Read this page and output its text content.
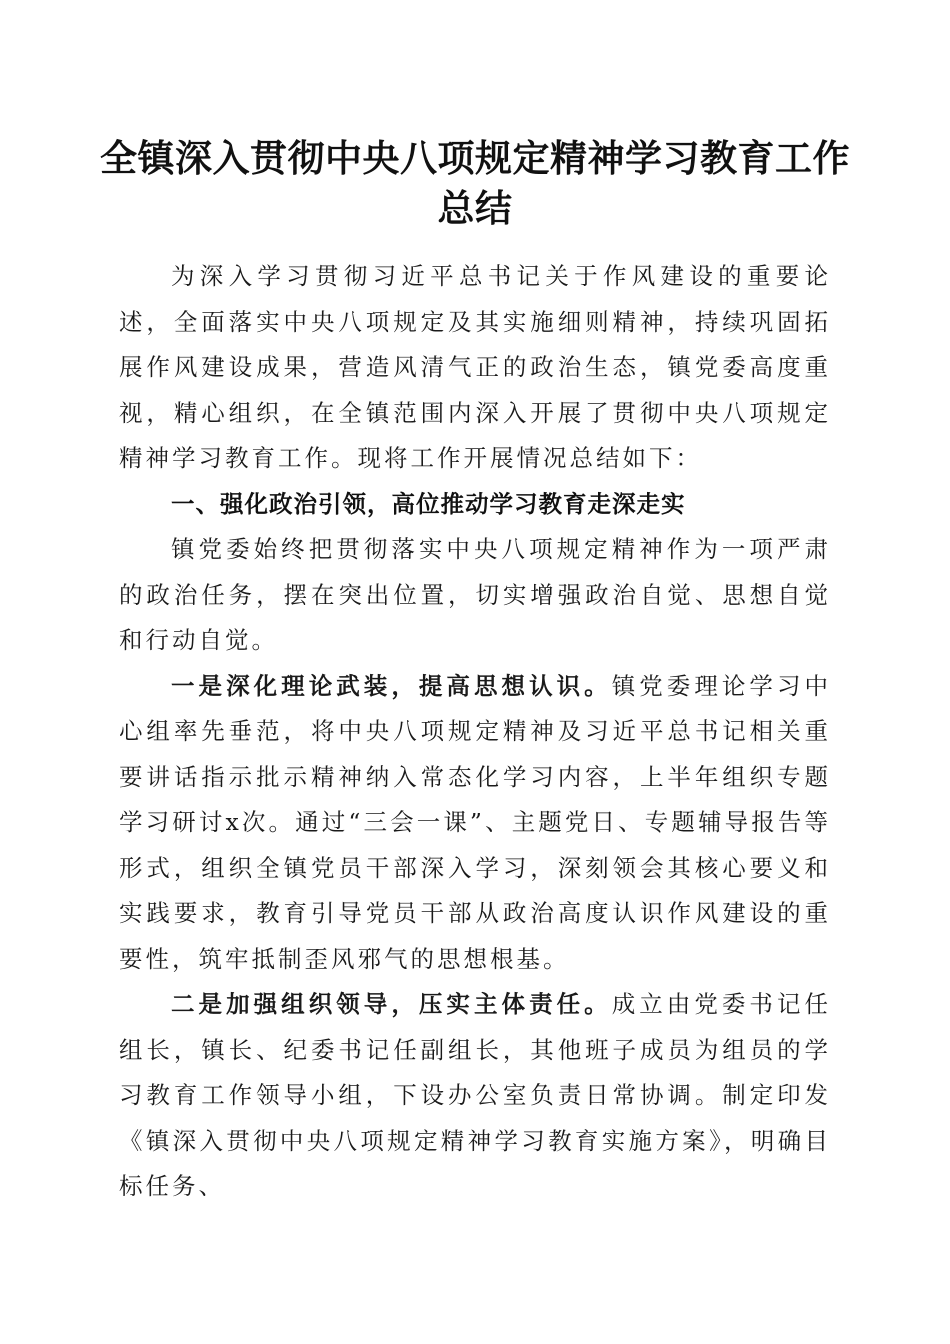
全镇深入贯彻中央八项规定精神学习教育工作总结

为深入学习贯彻习近平总书记关于作风建设的重要论述，全面落实中央八项规定及其实施细则精神，持续巩固拓展作风建设成果，营造风清气正的政治生态，镇党委高度重视，精心组织，在全镇范围内深入开展了贯彻中央八项规定精神学习教育工作。现将工作开展情况总结如下：

一、强化政治引领，高位推动学习教育走深走实

镇党委始终把贯彻落实中央八项规定精神作为一项严肃的政治任务，摆在突出位置，切实增强政治自觉、思想自觉和行动自觉。

一是深化理论武装，提高思想认识。镇党委理论学习中心组率先垂范，将中央八项规定精神及习近平总书记相关重要讲话指示批示精神纳入常态化学习内容，上半年组织专题学习研讨x次。通过“三会一课”、主题党日、专题辅导报告等形式，组织全镇党员干部深入学习，深刻领会其核心要义和实践要求，教育引导党员干部从政治高度认识作风建设的重要性，筑牢抵制歪风邪气的思想根基。

二是加强组织领导，压实主体责任。成立由党委书记任组长，镇长、纪委书记任副组长，其他班子成员为组员的学习教育工作领导小组，下设办公室负责日常协调。制定印发《镇深入贯彻中央八项规定精神学习教育实施方案》，明确目标任务、
